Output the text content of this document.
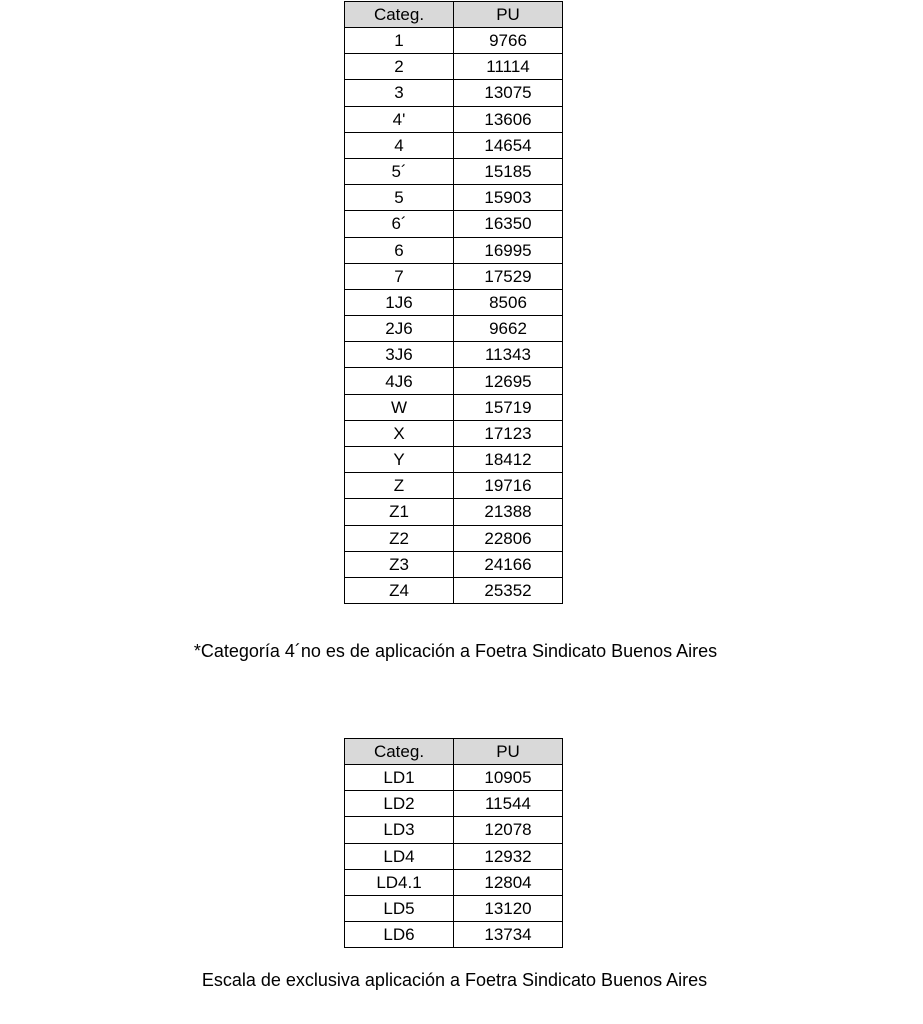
Categ.	PU
1	9766
2	11114
3	13075
4'	13606
4	14654
5´	15185
5	15903
6´	16350
6	16995
7	17529
1J6	8506
2J6	9662
3J6	11343
4J6	12695
W	15719
X	17123
Y	18412
Z	19716
Z1	21388
Z2	22806
Z3	24166
Z4	25352
*Categoría 4´no es de aplicación a Foetra Sindicato Buenos Aires
Categ.	PU
LD1	10905
LD2	11544
LD3	12078
LD4	12932
LD4.1	12804
LD5	13120
LD6	13734
Escala de exclusiva aplicación a Foetra Sindicato Buenos Aires
